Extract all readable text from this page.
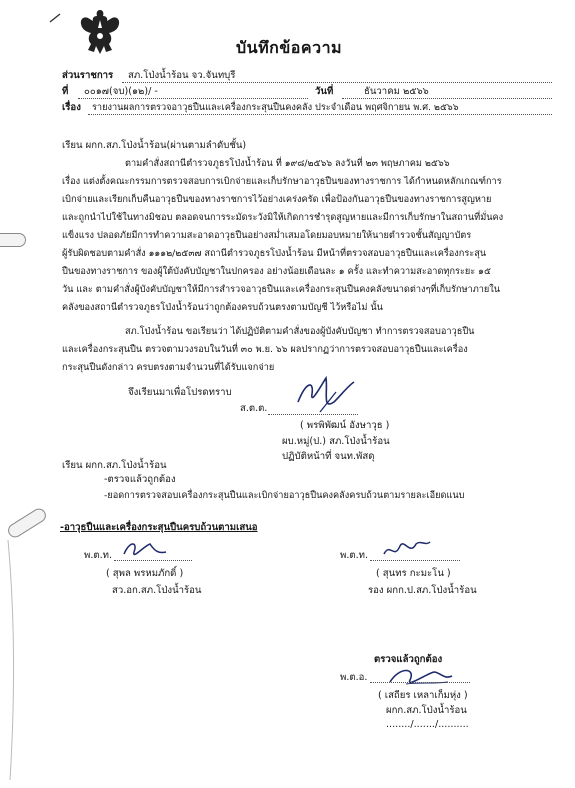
บันทึกข้อความ
ส่วนราชการ สภ.โป่งน้ำร้อน จว.จันทบุรี
ที่ ๐๐๑๗(จบ)(๑๒)/ -	วันที่	ธันวาคม ๒๕๖๖
เรื่อง รายงานผลการตรวจอาวุธปืนและเครื่องกระสุนปืนคงคลัง ประจำเดือน พฤศจิกายน พ.ศ. ๒๕๖๖
เรียน ผกก.สภ.โป่งน้ำร้อน(ผ่านตามลำดับชั้น)
ตามคำสั่งสถานีตำรวจภูธรโป่งน้ำร้อน ที่ ๑๙๘/๒๕๖๖ ลงวันที่ ๒๓ พฤษภาคม ๒๕๖๖
เรื่อง แต่งตั้งคณะกรรมการตรวจสอบการเบิกจ่ายและเก็บรักษาอาวุธปืนของทางราชการ ได้กำหนดหลักเกณฑ์การ
เบิกจ่ายและเรียกเก็บคืนอาวุธปืนของทางราชการไว้อย่างเคร่งครัด เพื่อป้องกันอาวุธปืนของทางราชการสูญหาย
และถูกนำไปใช้ในทางมิชอบ ตลอดจนการระมัดระวังมิให้เกิดการชำรุดสูญหายและมีการเก็บรักษาในสถานที่มั่นคง
แข็งแรง ปลอดภัยมีการทำความสะอาดอาวุธปืนอย่างสม่ำเสมอโดยมอบหมายให้นายตำรวจชั้นสัญญาบัตร
ผู้รับผิดชอบตามคำสั่ง ๑๑๑๒/๒๕๓๗ สถานีตำรวจภูธรโป่งน้ำร้อน มีหน้าที่ตรวจสอบอาวุธปืนและเครื่องกระสุน
ปืนของทางราชการ ของผู้ใต้บังคับบัญชาในปกครอง อย่างน้อยเดือนละ ๑ ครั้ง และทำความสะอาดทุกระยะ ๑๕
วัน และ ตามคำสั่งผู้บังคับบัญชาให้มีการสำรวจอาวุธปืนและเครื่องกระสุนปืนคงคลังขนาดต่างๆที่เก็บรักษาภายใน
คลังของสถานีตำรวจภูธรโป่งน้ำร้อนว่าถูกต้องครบถ้วนตรงตามบัญชี ไว้หรือไม่ นั้น
สภ.โป่งน้ำร้อน ขอเรียนว่า ได้ปฏิบัติตามคำสั่งของผู้บังคับบัญชา ทำการตรวจสอบอาวุธปืน
และเครื่องกระสุนปืน ตรวจตามวงรอบในวันที่ ๓๐ พ.ย. ๖๖ ผลปรากฏว่าการตรวจสอบอาวุธปืนและเครื่อง
กระสุนปืนดังกล่าว ครบตรงตามจำนวนที่ได้รับแจกจ่าย
จึงเรียนมาเพื่อโปรดทราบ
ส.ต.ต.
( พรพิพัฒน์ อังษาวุธ )
ผบ.หมู่(ป.) สภ.โป่งน้ำร้อน
ปฏิบัติหน้าที่ จนท.พัสดุ
เรียน ผกก.สภ.โป่งน้ำร้อน
-ตรวจแล้วถูกต้อง
-ยอดการตรวจสอบเครื่องกระสุนปืนและเบิกจ่ายอาวุธปืนคงคลังครบถ้วนตามรายละเอียดแนบ
-อาวุธปืนและเครื่องกระสุนปืนครบถ้วนตามเสนอ
พ.ต.ท.
( สุพล พรหมภักดิ์ )
สว.อก.สภ.โป่งน้ำร้อน
พ.ต.ท.
( สุนทร กะมะโน )
รอง ผกก.ป.สภ.โป่งน้ำร้อน
ตรวจแล้วถูกต้อง
พ.ต.อ.
( เสถียร เหลาเก็มหุ่ง )
ผกก.สภ.โป่งน้ำร้อน
......../......./..........
